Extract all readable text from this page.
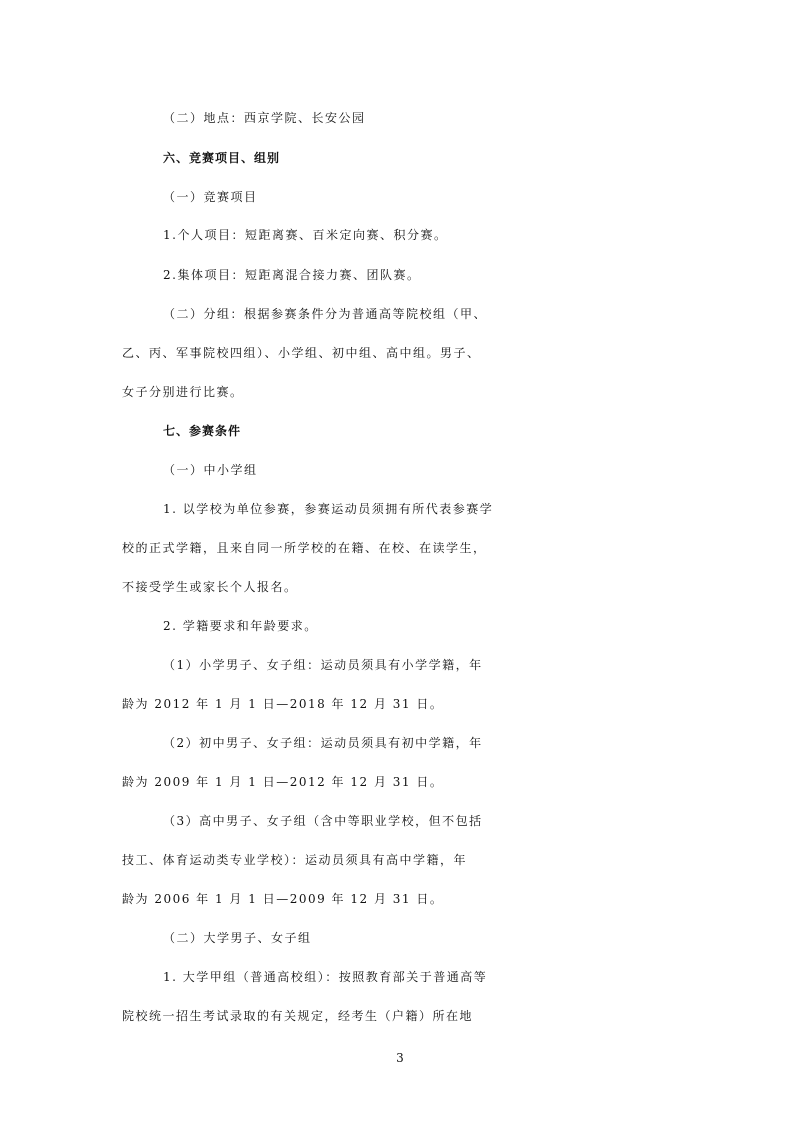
（二）地点：西京学院、长安公园
六、竞赛项目、组别
（一）竞赛项目
1.个人项目：短距离赛、百米定向赛、积分赛。
2.集体项目：短距离混合接力赛、团队赛。
（二）分组：根据参赛条件分为普通高等院校组（甲、
乙、丙、军事院校四组）、小学组、初中组、高中组。男子、
女子分别进行比赛。
七、参赛条件
（一）中小学组
1. 以学校为单位参赛，参赛运动员须拥有所代表参赛学
校的正式学籍，且来自同一所学校的在籍、在校、在读学生，
不接受学生或家长个人报名。
2. 学籍要求和年龄要求。
（1）小学男子、女子组：运动员须具有小学学籍，年
龄为 2012 年 1 月 1 日—2018 年 12 月 31 日。
（2）初中男子、女子组：运动员须具有初中学籍，年
龄为 2009 年 1 月 1 日—2012 年 12 月 31 日。
（3）高中男子、女子组（含中等职业学校，但不包括
技工、体育运动类专业学校）：运动员须具有高中学籍，年
龄为 2006 年 1 月 1 日—2009 年 12 月 31 日。
（二）大学男子、女子组
1. 大学甲组（普通高校组）：按照教育部关于普通高等
院校统一招生考试录取的有关规定，经考生（户籍）所在地
3
